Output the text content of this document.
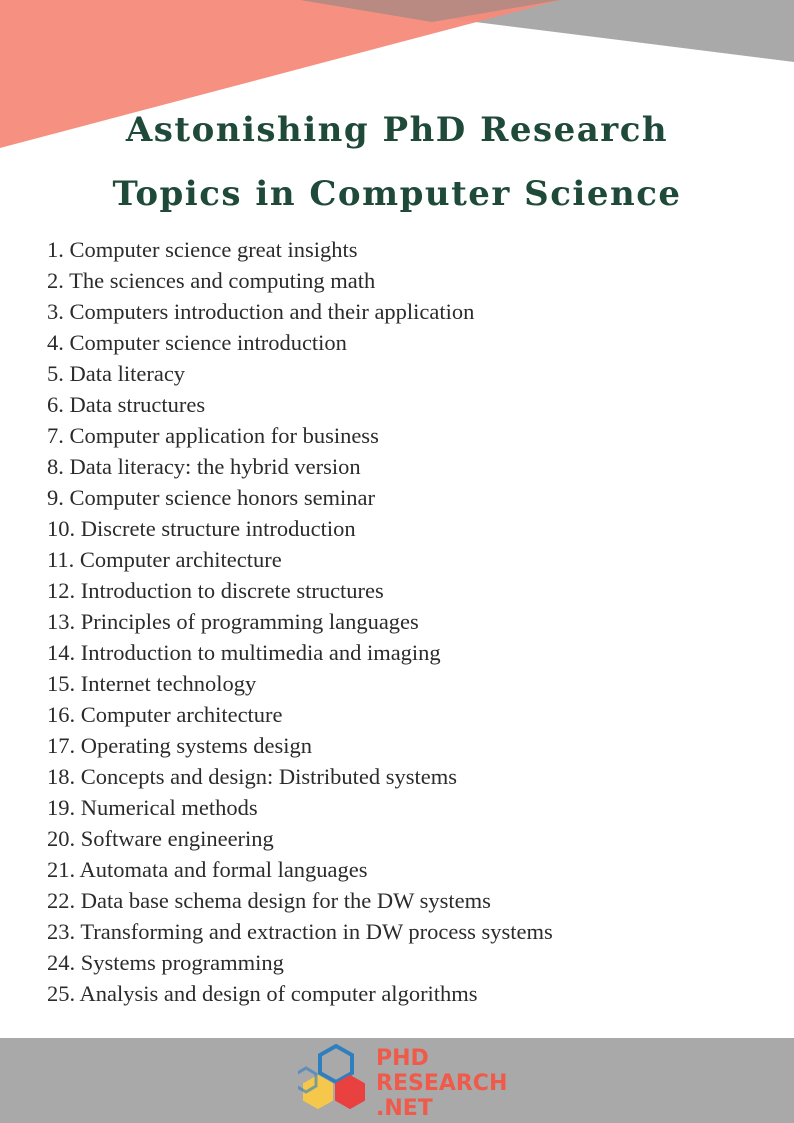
Astonishing PhD Research
Topics in Computer Science
1. Computer science great insights
2. The sciences and computing math
3. Computers introduction and their application
4. Computer science introduction
5. Data literacy
6. Data structures
7. Computer application for business
8. Data literacy: the hybrid version
9. Computer science honors seminar
10. Discrete structure introduction
11. Computer architecture
12. Introduction to discrete structures
13. Principles of programming languages
14. Introduction to multimedia and imaging
15. Internet technology
16. Computer architecture
17. Operating systems design
18. Concepts and design: Distributed systems
19. Numerical methods
20. Software engineering
21. Automata and formal languages
22. Data base schema design for the DW systems
23. Transforming and extraction in DW process systems
24. Systems programming
25. Analysis and design of computer algorithms
PHD
RESEARCH
.NET
